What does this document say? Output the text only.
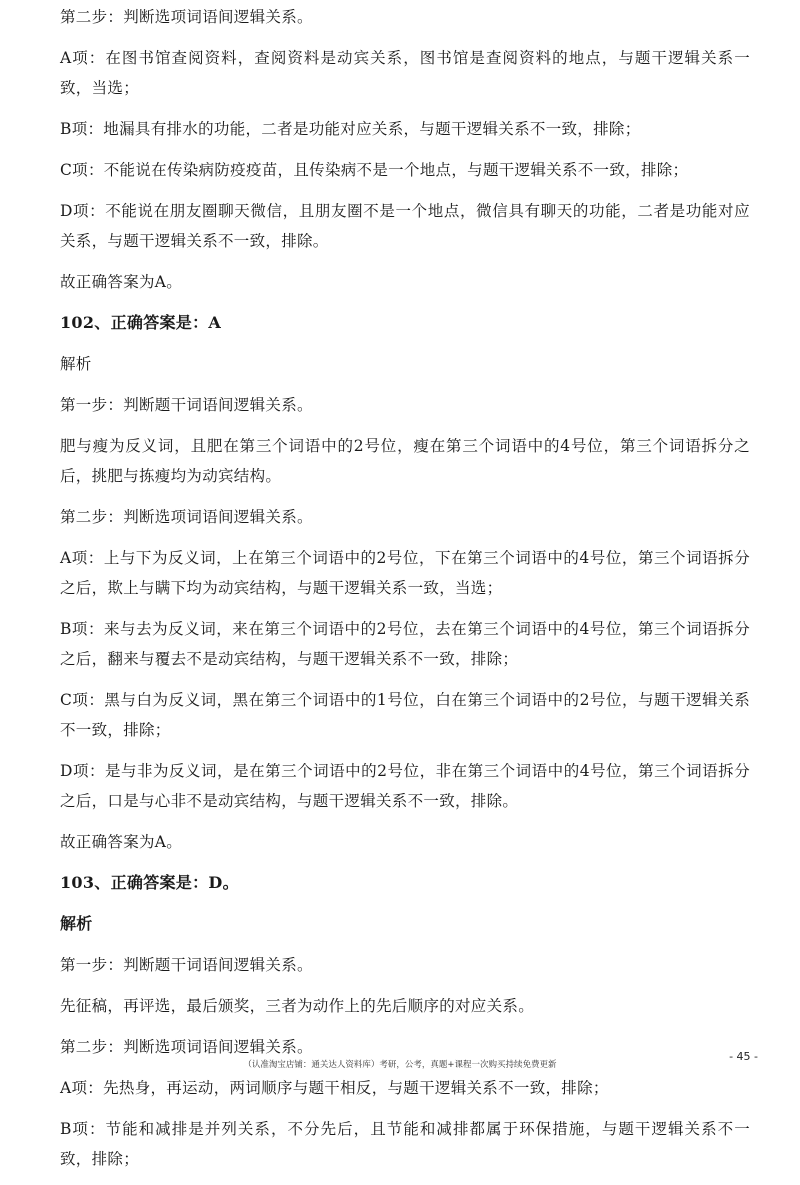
第二步：判断选项词语间逻辑关系。

A项：在图书馆查阅资料，查阅资料是动宾关系，图书馆是查阅资料的地点，与题干逻辑关系一致，当选；

B项：地漏具有排水的功能，二者是功能对应关系，与题干逻辑关系不一致，排除；

C项：不能说在传染病防疫疫苗，且传染病不是一个地点，与题干逻辑关系不一致，排除；

D项：不能说在朋友圈聊天微信，且朋友圈不是一个地点，微信具有聊天的功能，二者是功能对应关系，与题干逻辑关系不一致，排除。

故正确答案为A。

102、正确答案是：A

解析

第一步：判断题干词语间逻辑关系。

肥与瘦为反义词，且肥在第三个词语中的2号位，瘦在第三个词语中的4号位，第三个词语拆分之后，挑肥与拣瘦均为动宾结构。

第二步：判断选项词语间逻辑关系。

A项：上与下为反义词，上在第三个词语中的2号位，下在第三个词语中的4号位，第三个词语拆分之后，欺上与瞒下均为动宾结构，与题干逻辑关系一致，当选；

B项：来与去为反义词，来在第三个词语中的2号位，去在第三个词语中的4号位，第三个词语拆分之后，翻来与覆去不是动宾结构，与题干逻辑关系不一致，排除；

C项：黑与白为反义词，黑在第三个词语中的1号位，白在第三个词语中的2号位，与题干逻辑关系不一致，排除；

D项：是与非为反义词，是在第三个词语中的2号位，非在第三个词语中的4号位，第三个词语拆分之后，口是与心非不是动宾结构，与题干逻辑关系不一致，排除。

故正确答案为A。

103、正确答案是：D。

解析

第一步：判断题干词语间逻辑关系。

先征稿，再评选，最后颁奖，三者为动作上的先后顺序的对应关系。

第二步：判断选项词语间逻辑关系。

A项：先热身，再运动，两词顺序与题干相反，与题干逻辑关系不一致，排除；

B项：节能和减排是并列关系，不分先后，且节能和减排都属于环保措施，与题干逻辑关系不一致，排除；

- 45 -
（认准淘宝店铺：通关达人资料库）考研，公考，真题+课程一次购买持续免费更新
